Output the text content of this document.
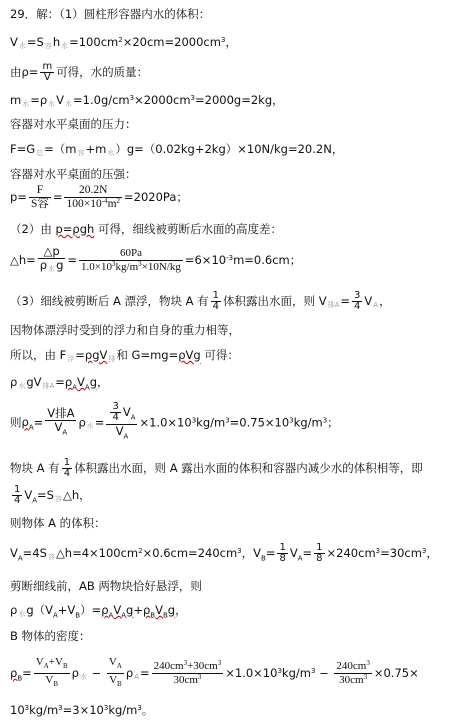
29．解：（1）圆柱形容器内水的体积：
$V_水=S_容h_水=100cm^2\times 20cm=2000cm^3$，
由$\rho= \frac{m}{V}$ 可得，水的质量：
$m_水=\rho_水V_水=1.0g/cm^3\times 2000cm^3=2000g=2kg$，
容器对水平桌面的压力：
$F=G_总=(m_容+m_水)g=(0.02kg+2kg)\times 10N/kg=20.2N$，
容器对水平桌面的压强：
$p= \frac{F}{\text{S容}} = \frac{20.2N}{100\times 10^{-4}m^2} =2020Pa$；
（2）由 p=ρgh 可得，细线被剪断后水面的高度差：
△h= $\frac{\triangle p}{\rho_水g} = \frac{60Pa}{1.0\times 10^3kg/m^3\times 10N/kg} =6\times 10^{-3}m=0.6cm$；
（3）细线被剪断后 A 漂浮，物块 A 有 $\frac{1}{4}$ 体积露出水面，则 $V_{排A}= \frac{3}{4} V_A$，
因物体漂浮时受到的浮力和自身的重力相等，
所以，由 $F_浮=\rho gV_排$和 G=mg=ρVg 可得：
$\rho_水gV_{排A}=\rho_AV_Ag$，
则$\rho_A= \frac{\text{V排A}}{V_A} \rho_水= \frac{\frac{3}{4} V_A}{V_A} \times 1.0\times 10^3kg/m^3=0.75\times 10^3kg/m^3$；
物块 A 有 $\frac{1}{4}$ 体积露出水面，则 A 露出水面的体积和容器内减少水的体积相等，即
$\frac{1}{4}$ $V_A=S_容\triangle h$，
则物体 A 的体积：
$V_A=4S_容\triangle h=4\times 100cm^2\times 0.6cm=240cm^3$，$V_B= \frac{1}{8} V_A= \frac{1}{8} \times 240cm^3=30cm^3$，
剪断细线前，AB 两物块恰好悬浮，则
$\rho_水g(V_A+V_B)=\rho_AV_Ag+\rho_BV_Bg$，
B 物体的密度：
$\rho_B= \frac{V_A+V_B}{V_B} \rho_水 - \frac{V_A}{V_B} \rho_A= \frac{240cm^3+30cm^3}{30cm^3} \times 1.0\times 10^3kg/m^3 - \frac{240cm^3}{30cm^3} \times 0.75\times$
$10^3kg/m^3=3\times 10^3kg/m^3$。
